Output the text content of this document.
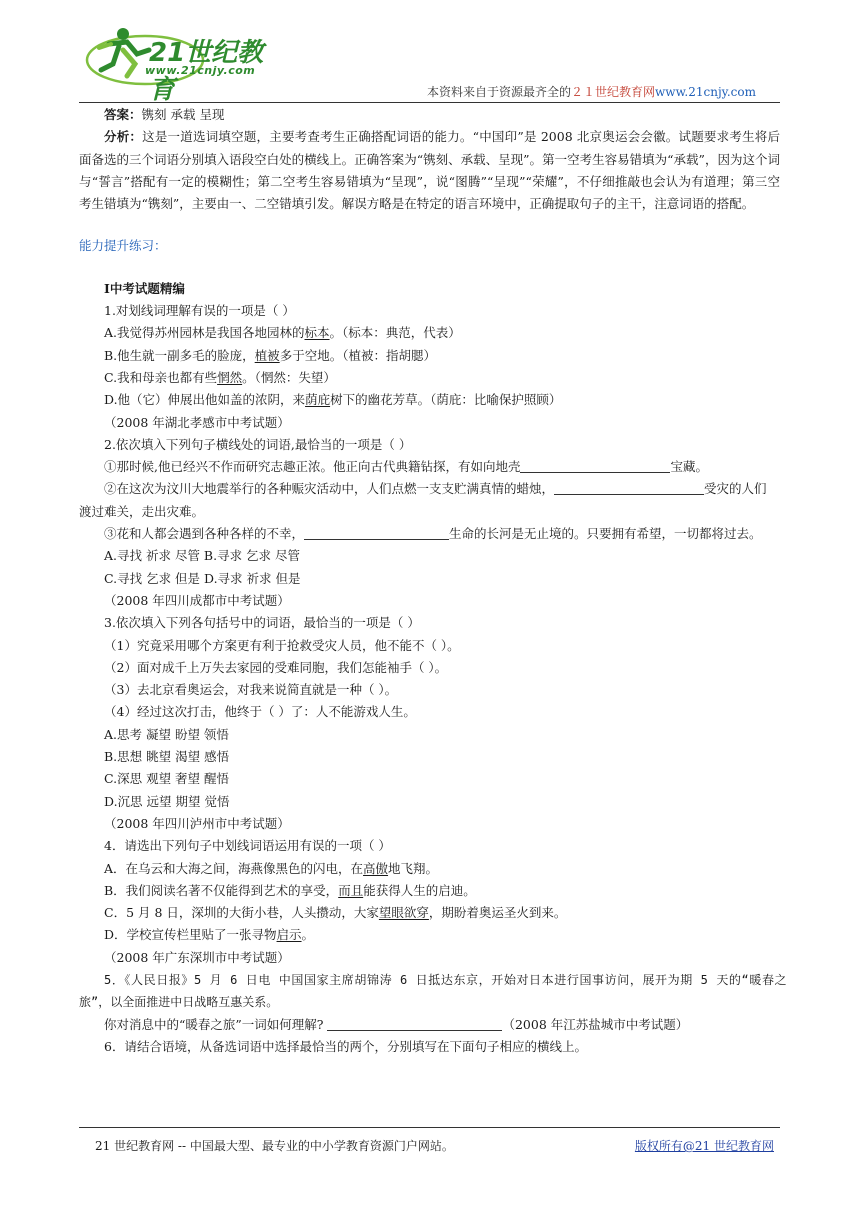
21世纪教育
www.21cnjy.com
本资料来自于资源最齐全的２１世纪教育网www.21cnjy.com

答案：镌刻 承载 呈现

分析：这是一道选词填空题，主要考查考生正确搭配词语的能力。“中国印”是 2008 北京奥运会会徽。试题要求考生将后面备选的三个词语分别填入语段空白处的横线上。正确答案为“镌刻、承载、呈现”。第一空考生容易错填为“承载”，因为这个词与“誓言”搭配有一定的模糊性；第二空考生容易错填为“呈现”，说“图腾”“呈现”“荣耀”，不仔细推敲也会认为有道理；第三空考生错填为“镌刻”，主要由一、二空错填引发。解误方略是在特定的语言环境中，正确提取句子的主干，注意词语的搭配。

能力提升练习：

Ⅰ中考试题精编

1.对划线词理解有误的一项是（ ）

A.我觉得苏州园林是我国各地园林的标本。（标本：典范，代表）

B.他生就一副多毛的脸庞，植被多于空地。（植被：指胡腮）

C.我和母亲也都有些惘然。（惘然：失望）

D.他（它）伸展出他如盖的浓阴，来荫庇树下的幽花芳草。（荫庇：比喻保护照顾）

（2008 年湖北孝感市中考试题）

2.依次填入下列句子横线处的词语,最恰当的一项是（ ）

①那时候,他已经兴不作而研究志趣正浓。他正向古代典籍钻探，有如向地壳	宝藏。

②在这次为汶川大地震举行的各种赈灾活动中，人们点燃一支支贮满真情的蜡烛，	受灾的人们

渡过难关，走出灾难。

③花和人都会遇到各种各样的不幸，	生命的长河是无止境的。只要拥有希望，一切都将过去。

A.寻找 祈求 尽管 B.寻求 乞求 尽管

C.寻找 乞求 但是 D.寻求 祈求 但是

（2008 年四川成都市中考试题）

3.依次填入下列各句括号中的词语，最恰当的一项是（ ）

（1）究竟采用哪个方案更有利于抢救受灾人员，他不能不（ ）。

（2）面对成千上万失去家园的受难同胞，我们怎能袖手（ ）。

（3）去北京看奥运会，对我来说简直就是一种（ ）。

（4）经过这次打击，他终于（ ）了：人不能游戏人生。

A.思考 凝望 盼望 领悟

B.思想 眺望 渴望 感悟

C.深思 观望 奢望 醒悟

D.沉思 远望 期望 觉悟

（2008 年四川泸州市中考试题）

4．请选出下列句子中划线词语运用有误的一项（ ）

A．在乌云和大海之间，海燕像黑色的闪电，在高傲地飞翔。

B．我们阅读名著不仅能得到艺术的享受，而且能获得人生的启迪。

C．5 月 8 日，深圳的大街小巷，人头攒动，大家望眼欲穿，期盼着奥运圣火到来。

D．学校宣传栏里贴了一张寻物启示。

（2008 年广东深圳市中考试题）

5．《人民日报》5 月 6 日电 中国国家主席胡锦涛 6 日抵达东京，开始对日本进行国事访问，展开为期 5 天的“暖春之

旅”，以全面推进中日战略互惠关系。

你对消息中的“暖春之旅”一词如何理解?	（2008 年江苏盐城市中考试题）

6．请结合语境，从备选词语中选择最恰当的两个，分别填写在下面句子相应的横线上。

21 世纪教育网 -- 中国最大型、最专业的中小学教育资源门户网站。	版权所有@21 世纪教育网
